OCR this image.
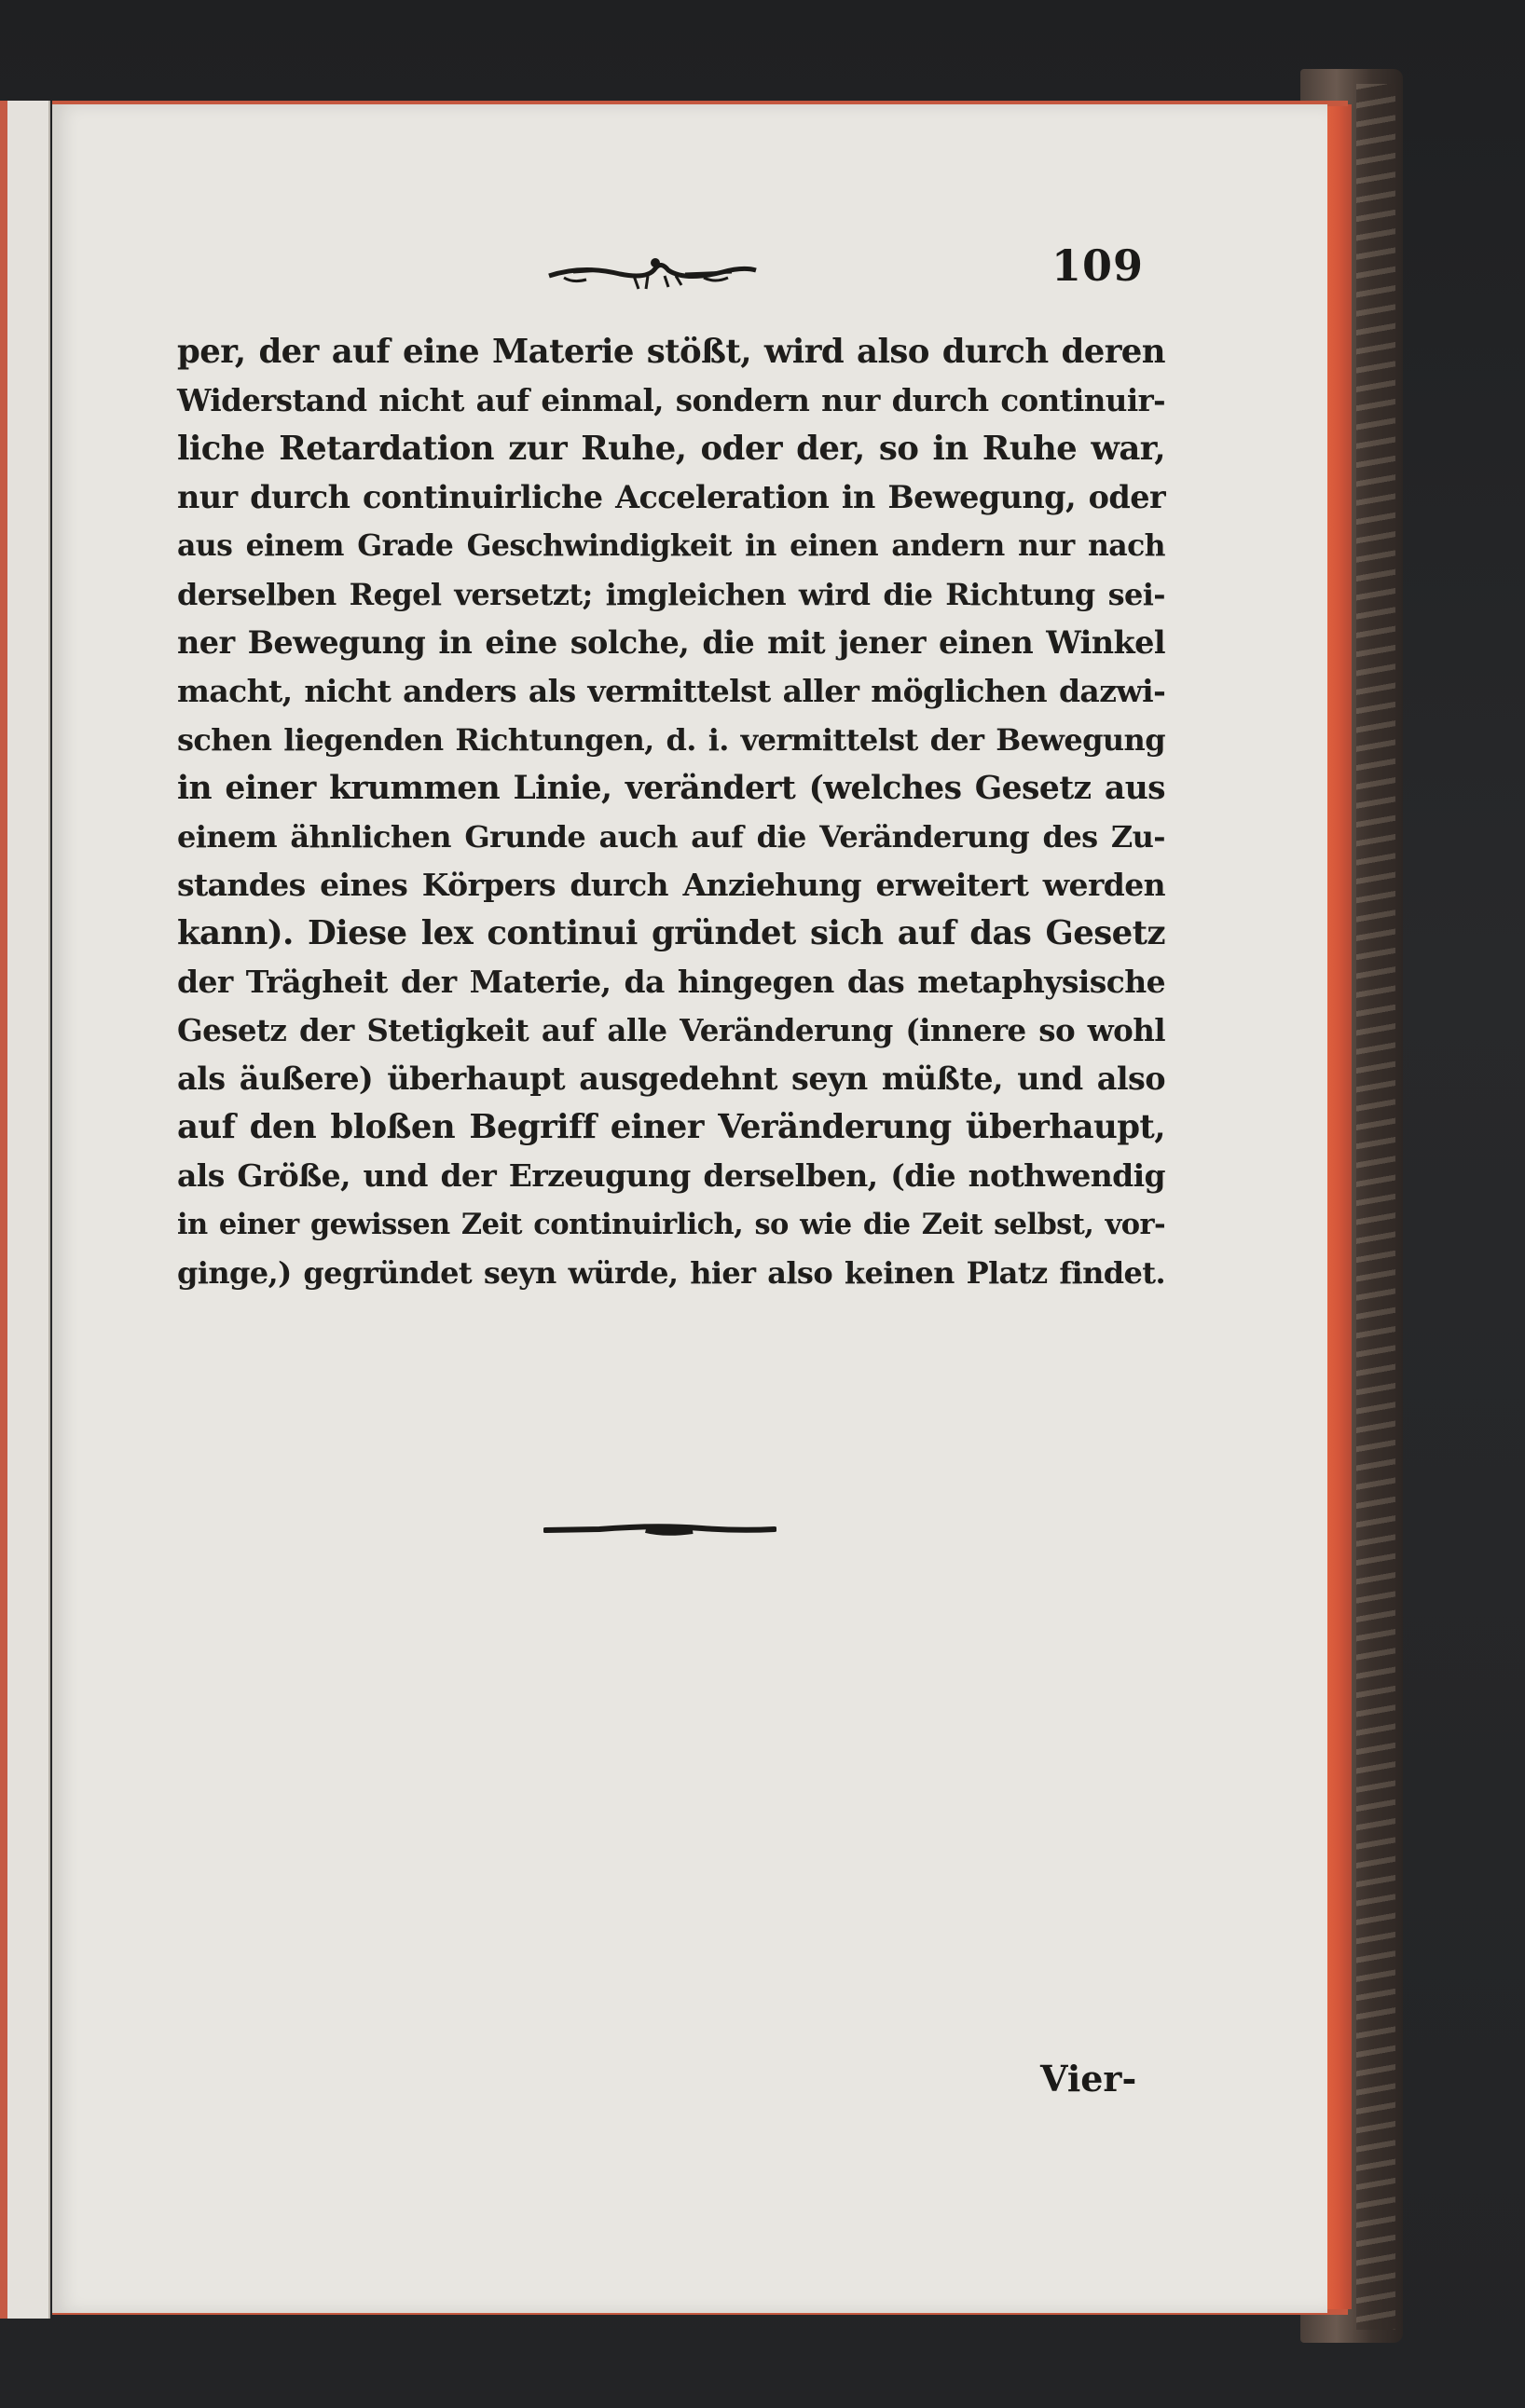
109
per, der auf eine Materie stößt, wird also durch deren
Widerstand nicht auf einmal, sondern nur durch continuir-
liche Retardation zur Ruhe, oder der, so in Ruhe war,
nur durch continuirliche Acceleration in Bewegung, oder
aus einem Grade Geschwindigkeit in einen andern nur nach
derselben Regel versetzt; imgleichen wird die Richtung sei-
ner Bewegung in eine solche, die mit jener einen Winkel
macht, nicht anders als vermittelst aller möglichen dazwi-
schen liegenden Richtungen, d. i. vermittelst der Bewegung
in einer krummen Linie, verändert (welches Gesetz aus
einem ähnlichen Grunde auch auf die Veränderung des Zu-
standes eines Körpers durch Anziehung erweitert werden
kann). Diese lex continui gründet sich auf das Gesetz
der Trägheit der Materie, da hingegen das metaphysische
Gesetz der Stetigkeit auf alle Veränderung (innere so wohl
als äußere) überhaupt ausgedehnt seyn müßte, und also
auf den bloßen Begriff einer Veränderung überhaupt,
als Größe, und der Erzeugung derselben, (die nothwendig
in einer gewissen Zeit continuirlich, so wie die Zeit selbst, vor-
ginge,) gegründet seyn würde, hier also keinen Platz findet.
Vier-
